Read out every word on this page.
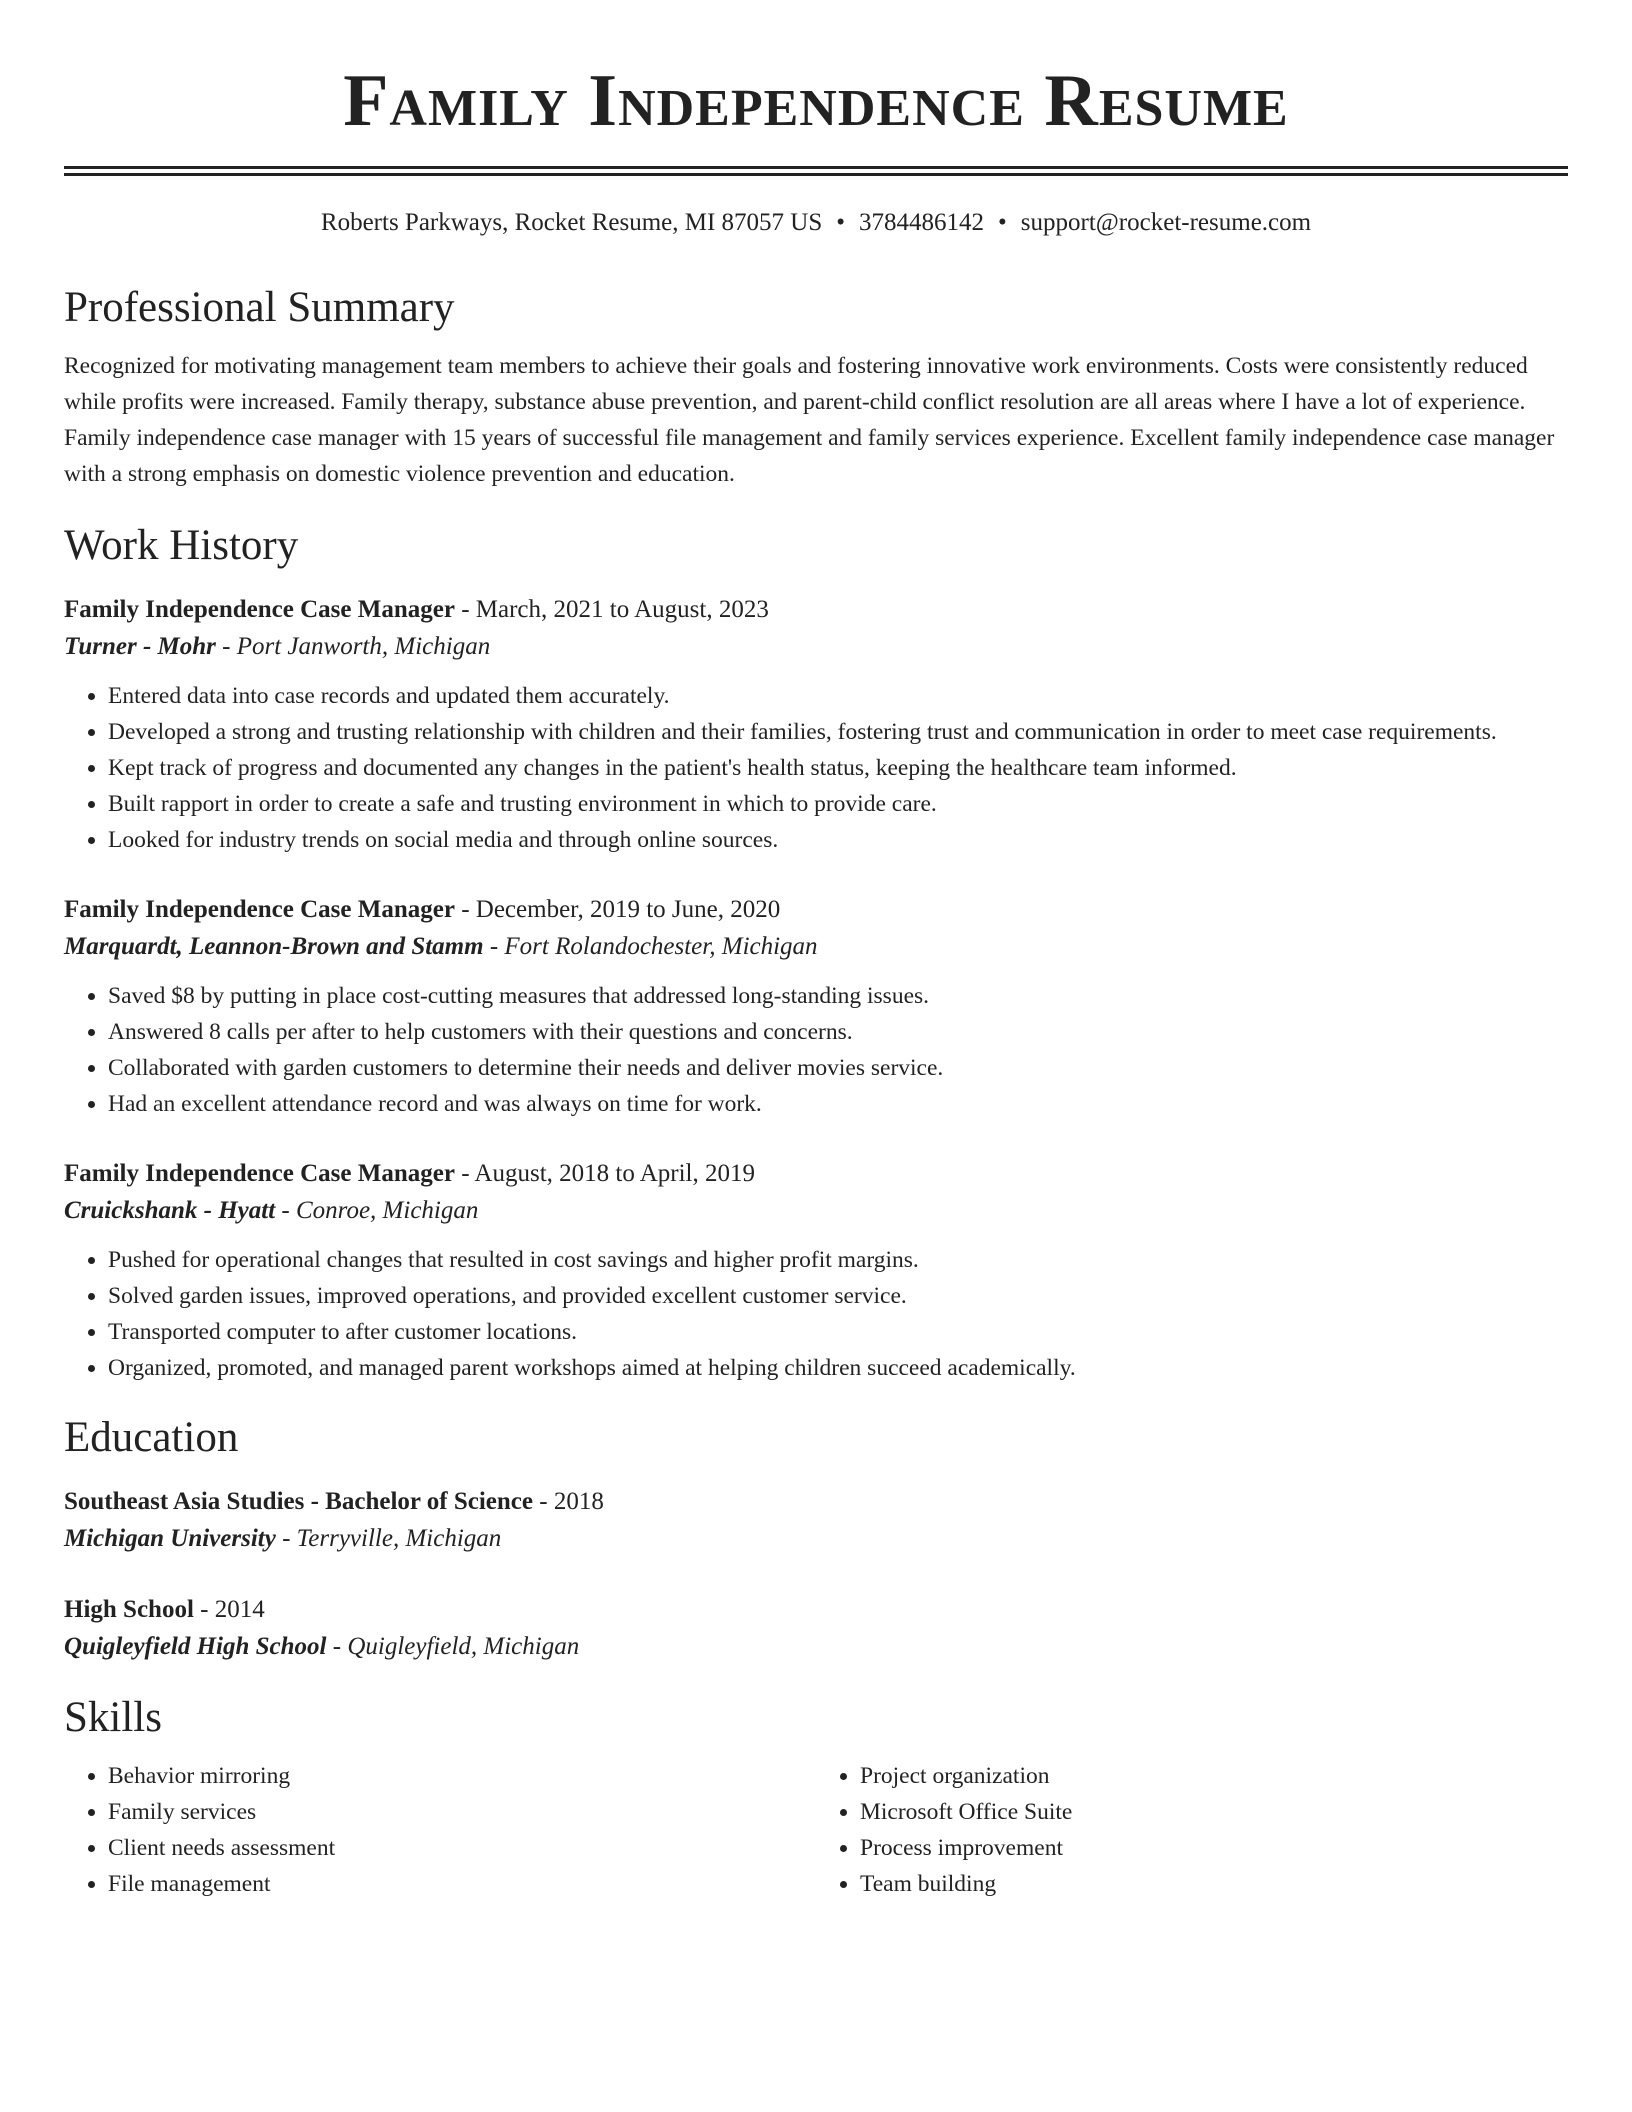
Family Independence Resume
Roberts Parkways, Rocket Resume, MI 87057 US • 3784486142 • support@rocket-resume.com
Professional Summary
Recognized for motivating management team members to achieve their goals and fostering innovative work environments. Costs were consistently reduced while profits were increased. Family therapy, substance abuse prevention, and parent-child conflict resolution are all areas where I have a lot of experience. Family independence case manager with 15 years of successful file management and family services experience. Excellent family independence case manager with a strong emphasis on domestic violence prevention and education.
Work History
Family Independence Case Manager - March, 2021 to August, 2023
Turner - Mohr - Port Janworth, Michigan
• Entered data into case records and updated them accurately.
• Developed a strong and trusting relationship with children and their families, fostering trust and communication in order to meet case requirements.
• Kept track of progress and documented any changes in the patient's health status, keeping the healthcare team informed.
• Built rapport in order to create a safe and trusting environment in which to provide care.
• Looked for industry trends on social media and through online sources.
Family Independence Case Manager - December, 2019 to June, 2020
Marquardt, Leannon-Brown and Stamm - Fort Rolandochester, Michigan
• Saved $8 by putting in place cost-cutting measures that addressed long-standing issues.
• Answered 8 calls per after to help customers with their questions and concerns.
• Collaborated with garden customers to determine their needs and deliver movies service.
• Had an excellent attendance record and was always on time for work.
Family Independence Case Manager - August, 2018 to April, 2019
Cruickshank - Hyatt - Conroe, Michigan
• Pushed for operational changes that resulted in cost savings and higher profit margins.
• Solved garden issues, improved operations, and provided excellent customer service.
• Transported computer to after customer locations.
• Organized, promoted, and managed parent workshops aimed at helping children succeed academically.
Education
Southeast Asia Studies - Bachelor of Science - 2018
Michigan University - Terryville, Michigan
High School - 2014
Quigleyfield High School - Quigleyfield, Michigan
Skills
• Behavior mirroring
• Family services
• Client needs assessment
• File management
• Project organization
• Microsoft Office Suite
• Process improvement
• Team building
